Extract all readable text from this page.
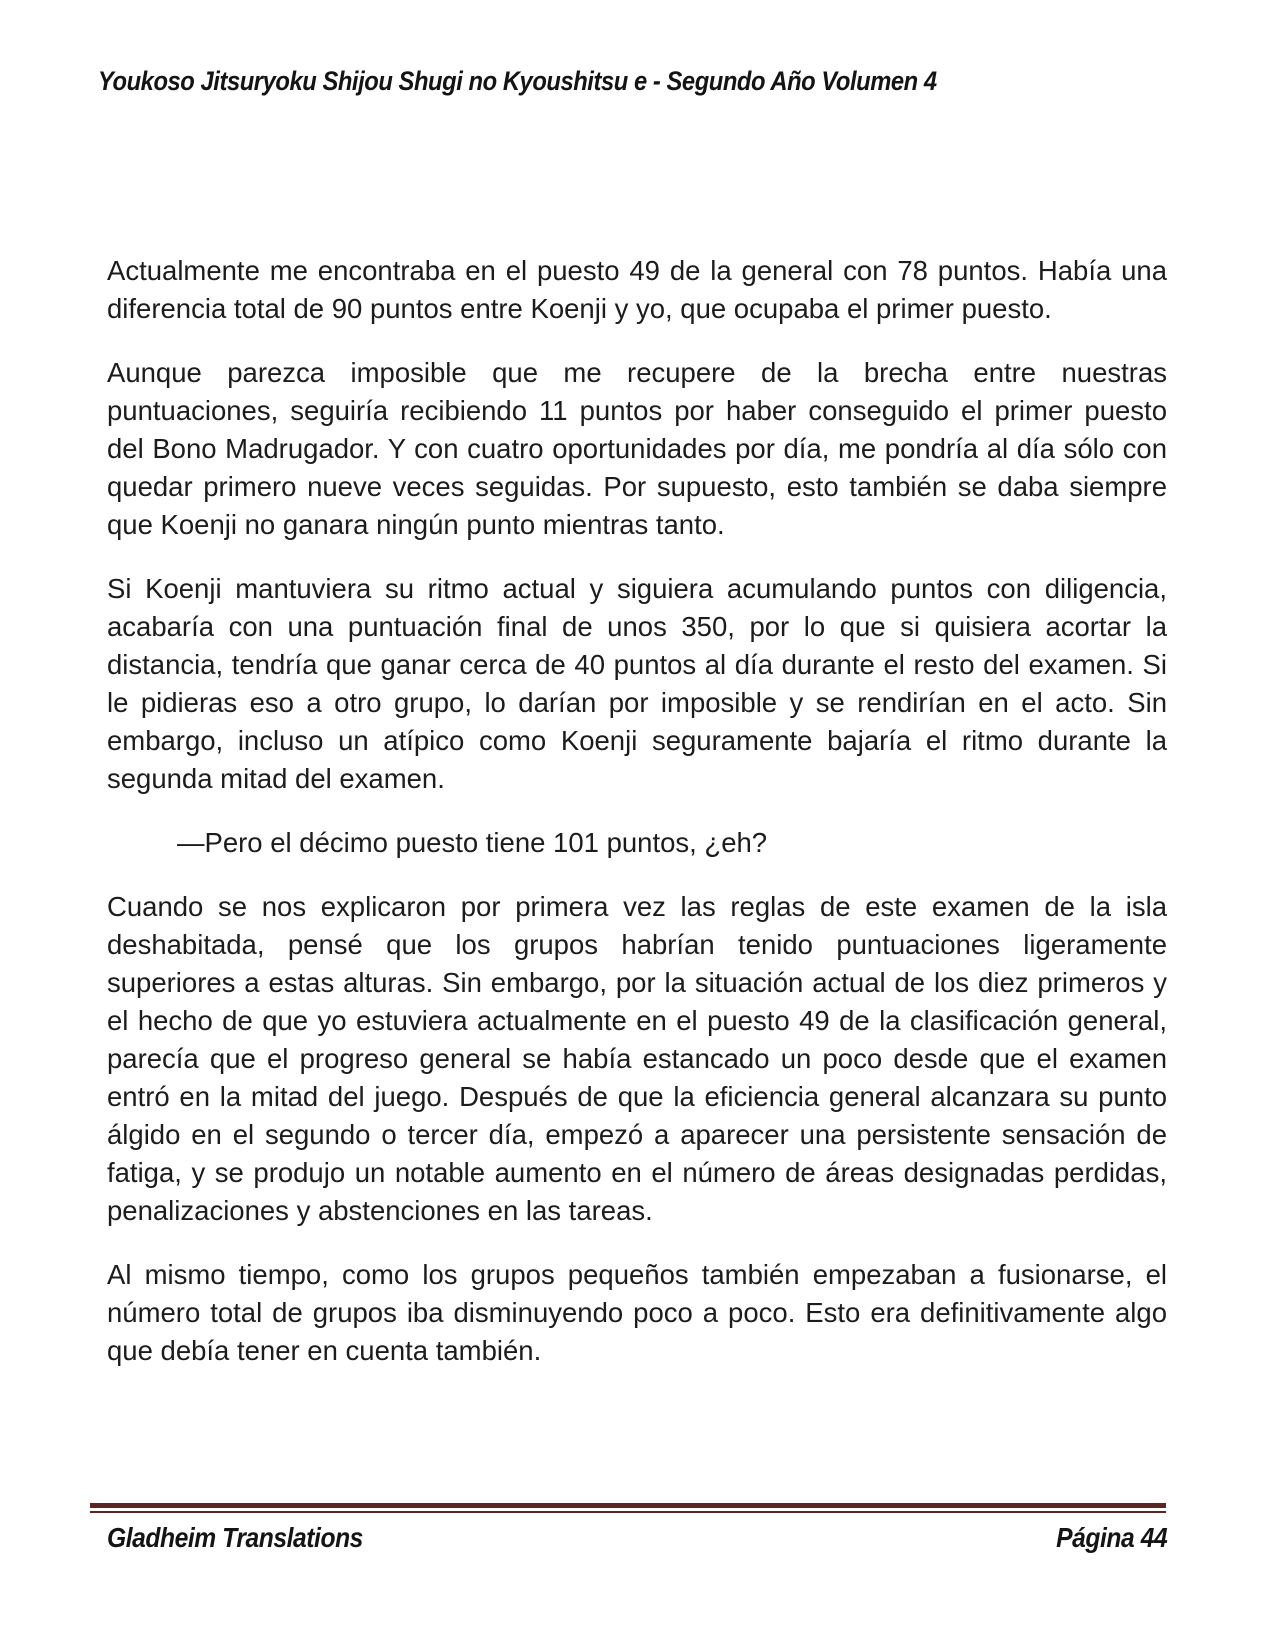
Youkoso Jitsuryoku Shijou Shugi no Kyoushitsu e - Segundo Año Volumen 4

Actualmente me encontraba en el puesto 49 de la general con 78 puntos. Había una diferencia total de 90 puntos entre Koenji y yo, que ocupaba el primer puesto.

Aunque parezca imposible que me recupere de la brecha entre nuestras puntuaciones, seguiría recibiendo 11 puntos por haber conseguido el primer puesto del Bono Madrugador. Y con cuatro oportunidades por día, me pondría al día sólo con quedar primero nueve veces seguidas. Por supuesto, esto también se daba siempre que Koenji no ganara ningún punto mientras tanto.

Si Koenji mantuviera su ritmo actual y siguiera acumulando puntos con diligencia, acabaría con una puntuación final de unos 350, por lo que si quisiera acortar la distancia, tendría que ganar cerca de 40 puntos al día durante el resto del examen. Si le pidieras eso a otro grupo, lo darían por imposible y se rendirían en el acto. Sin embargo, incluso un atípico como Koenji seguramente bajaría el ritmo durante la segunda mitad del examen.

—Pero el décimo puesto tiene 101 puntos, ¿eh?

Cuando se nos explicaron por primera vez las reglas de este examen de la isla deshabitada, pensé que los grupos habrían tenido puntuaciones ligeramente superiores a estas alturas. Sin embargo, por la situación actual de los diez primeros y el hecho de que yo estuviera actualmente en el puesto 49 de la clasificación general, parecía que el progreso general se había estancado un poco desde que el examen entró en la mitad del juego. Después de que la eficiencia general alcanzara su punto álgido en el segundo o tercer día, empezó a aparecer una persistente sensación de fatiga, y se produjo un notable aumento en el número de áreas designadas perdidas, penalizaciones y abstenciones en las tareas.

Al mismo tiempo, como los grupos pequeños también empezaban a fusionarse, el número total de grupos iba disminuyendo poco a poco. Esto era definitivamente algo que debía tener en cuenta también.

Gladheim Translations	Página 44
